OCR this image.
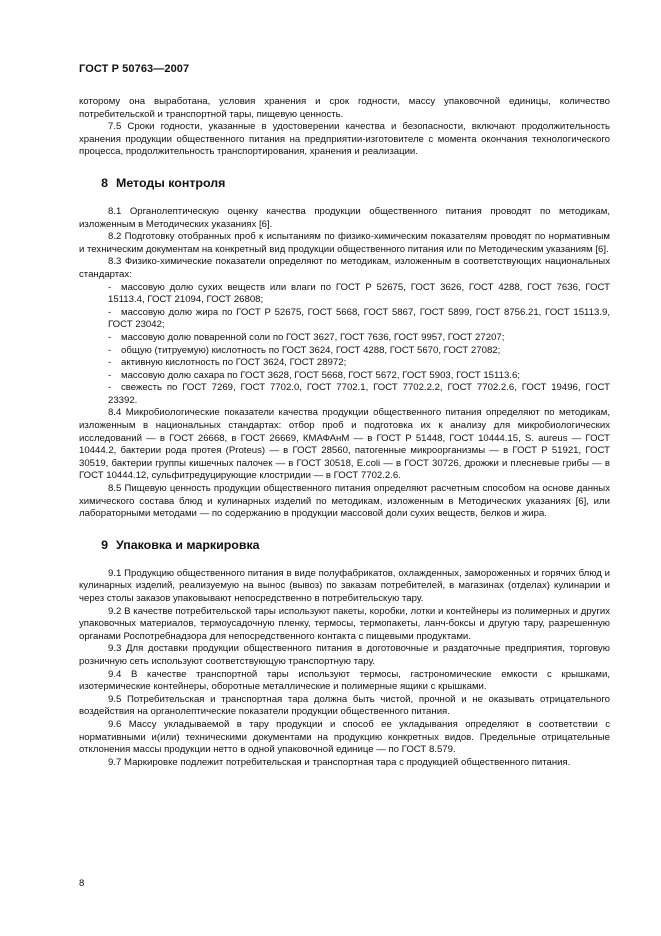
ГОСТ Р 50763—2007

которому она выработана, условия хранения и срок годности, массу упаковочной единицы, количество потребительской и транспортной тары, пищевую ценность.

7.5 Сроки годности, указанные в удостоверении качества и безопасности, включают продолжительность хранения продукции общественного питания на предприятии-изготовителе с момента окончания технологического процесса, продолжительность транспортирования, хранения и реализации.

8 Методы контроля

8.1 Органолептическую оценку качества продукции общественного питания проводят по методикам, изложенным в Методических указаниях [6].

8.2 Подготовку отобранных проб к испытаниям по физико-химическим показателям проводят по нормативным и техническим документам на конкретный вид продукции общественного питания или по Методическим указаниям [6].

8.3 Физико-химические показатели определяют по методикам, изложенным в соответствующих национальных стандартах:

- массовую долю сухих веществ или влаги по ГОСТ Р 52675, ГОСТ 3626, ГОСТ 4288, ГОСТ 7636, ГОСТ 15113.4, ГОСТ 21094, ГОСТ 26808;

- массовую долю жира по ГОСТ Р 52675, ГОСТ 5668, ГОСТ 5867, ГОСТ 5899, ГОСТ 8756.21, ГОСТ 15113.9, ГОСТ 23042;

- массовую долю поваренной соли по ГОСТ 3627, ГОСТ 7636, ГОСТ 9957, ГОСТ 27207;

- общую (титруемую) кислотность по ГОСТ 3624, ГОСТ 4288, ГОСТ 5670, ГОСТ 27082;

- активную кислотность по ГОСТ 3624, ГОСТ 28972;

- массовую долю сахара по ГОСТ 3628, ГОСТ 5668, ГОСТ 5672, ГОСТ 5903, ГОСТ 15113.6;

- свежесть по ГОСТ 7269, ГОСТ 7702.0, ГОСТ 7702.1, ГОСТ 7702.2.2, ГОСТ 7702.2.6, ГОСТ 19496, ГОСТ 23392.

8.4 Микробиологические показатели качества продукции общественного питания определяют по методикам, изложенным в национальных стандартах: отбор проб и подготовка их к анализу для микробиологических исследований — в ГОСТ 26668, в ГОСТ 26669, КМАФАнМ — в ГОСТ Р 51448, ГОСТ 10444.15, S. aureus — ГОСТ 10444.2, бактерии рода протея (Proteus) — в ГОСТ 28560, патогенные микроорганизмы — в ГОСТ Р 51921, ГОСТ 30519, бактерии группы кишечных палочек — в ГОСТ 30518, E.coli — в ГОСТ 30726, дрожжи и плесневые грибы — в ГОСТ 10444.12, сульфитредуцирующие клостридии — в ГОСТ 7702.2.6.

8.5 Пищевую ценность продукции общественного питания определяют расчетным способом на основе данных химического состава блюд и кулинарных изделий по методикам, изложенным в Методических указаниях [6], или лабораторными методами — по содержанию в продукции массовой доли сухих веществ, белков и жира.

9 Упаковка и маркировка

9.1 Продукцию общественного питания в виде полуфабрикатов, охлажденных, замороженных и горячих блюд и кулинарных изделий, реализуемую на вынос (вывоз) по заказам потребителей, в магазинах (отделах) кулинарии и через столы заказов упаковывают непосредственно в потребительскую тару.

9.2 В качестве потребительской тары используют пакеты, коробки, лотки и контейнеры из полимерных и других упаковочных материалов, термоусадочную пленку, термосы, термопакеты, ланч-боксы и другую тару, разрешенную органами Роспотребнадзора для непосредственного контакта с пищевыми продуктами.

9.3 Для доставки продукции общественного питания в доготовочные и раздаточные предприятия, торговую розничную сеть используют соответствующую транспортную тару.

9.4 В качестве транспортной тары используют термосы, гастрономические емкости с крышками, изотермические контейнеры, оборотные металлические и полимерные ящики с крышками.

9.5 Потребительская и транспортная тара должна быть чистой, прочной и не оказывать отрицательного воздействия на органолептические показатели продукции общественного питания.

9.6 Массу укладываемой в тару продукции и способ ее укладывания определяют в соответствии с нормативными и(или) техническими документами на продукцию конкретных видов. Предельные отрицательные отклонения массы продукции нетто в одной упаковочной единице — по ГОСТ 8.579.

9.7 Маркировке подлежит потребительская и транспортная тара с продукцией общественного питания.

8
